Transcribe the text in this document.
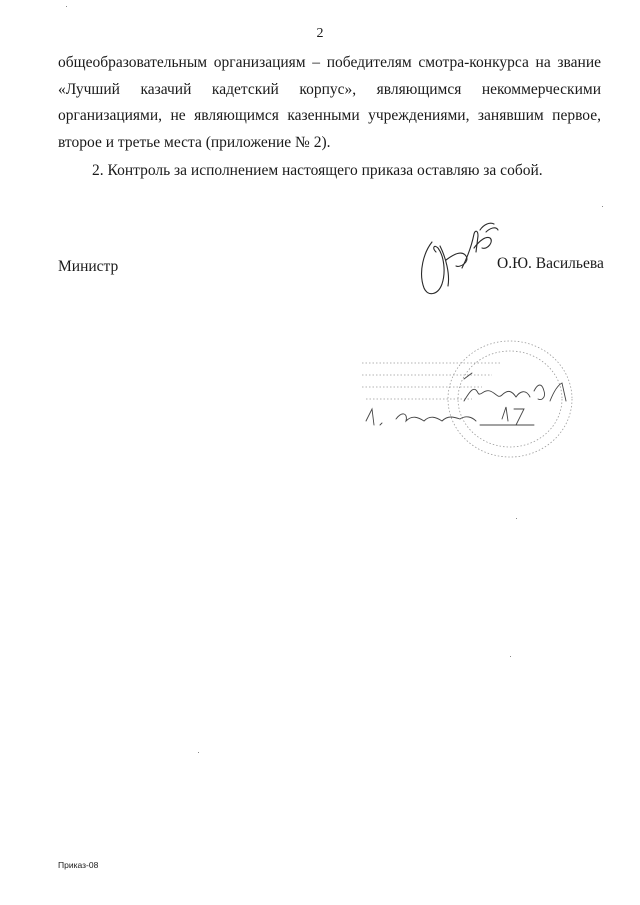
2
общеобразовательным организациям – победителям смотра-конкурса на звание
«Лучший казачий кадетский корпус», являющимся некоммерческими
организациями, не являющимся казенными учреждениями, занявшим первое,
второе и третье места (приложение № 2).
2. Контроль за исполнением настоящего приказа оставляю за собой.
Министр	О.Ю. Васильева
Приказ-08
